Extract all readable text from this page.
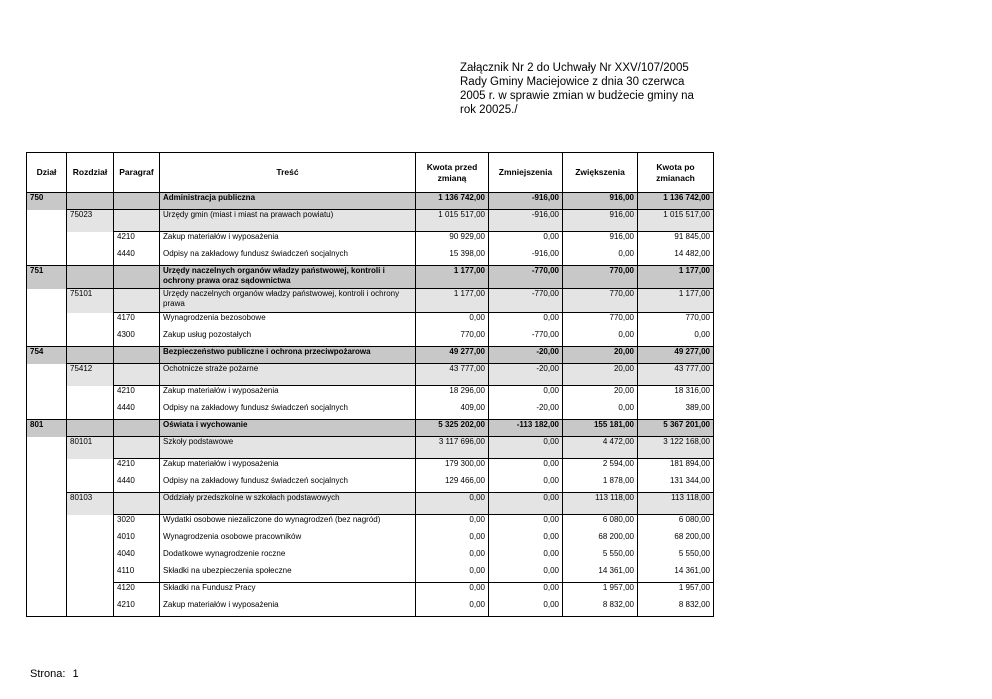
Załącznik Nr 2 do Uchwały Nr XXV/107/2005
Rady Gminy Maciejowice z dnia 30 czerwca
2005 r. w sprawie zmian w budżecie gminy na
rok 20025./
Dział	Rozdział	Paragraf	Treść	Kwota przed zmianą	Zmniejszenia	Zwiększenia	Kwota po zmianach
750			Administracja publiczna	1 136 742,00	-916,00	916,00	1 136 742,00
	75023		Urzędy gmin (miast i miast na prawach powiatu)	1 015 517,00	-916,00	916,00	1 015 517,00
		4210	Zakup materiałów i wyposażenia	90 929,00	0,00	916,00	91 845,00
		4440	Odpisy na zakładowy fundusz świadczeń socjalnych	15 398,00	-916,00	0,00	14 482,00
751			Urzędy naczelnych organów władzy państwowej, kontroli i ochrony prawa oraz sądownictwa	1 177,00	-770,00	770,00	1 177,00
	75101		Urzędy naczelnych organów władzy państwowej, kontroli i ochrony prawa	1 177,00	-770,00	770,00	1 177,00
		4170	Wynagrodzenia bezosobowe	0,00	0,00	770,00	770,00
		4300	Zakup usług pozostałych	770,00	-770,00	0,00	0,00
754			Bezpieczeństwo publiczne i ochrona przeciwpożarowa	49 277,00	-20,00	20,00	49 277,00
	75412		Ochotnicze straże pożarne	43 777,00	-20,00	20,00	43 777,00
		4210	Zakup materiałów i wyposażenia	18 296,00	0,00	20,00	18 316,00
		4440	Odpisy na zakładowy fundusz świadczeń socjalnych	409,00	-20,00	0,00	389,00
801			Oświata i wychowanie	5 325 202,00	-113 182,00	155 181,00	5 367 201,00
	80101		Szkoły podstawowe	3 117 696,00	0,00	4 472,00	3 122 168,00
		4210	Zakup materiałów i wyposażenia	179 300,00	0,00	2 594,00	181 894,00
		4440	Odpisy na zakładowy fundusz świadczeń socjalnych	129 466,00	0,00	1 878,00	131 344,00
	80103		Oddziały przedszkolne w szkołach podstawowych	0,00	0,00	113 118,00	113 118,00
		3020	Wydatki osobowe niezaliczone do wynagrodzeń (bez nagród)	0,00	0,00	6 080,00	6 080,00
		4010	Wynagrodzenia osobowe pracowników	0,00	0,00	68 200,00	68 200,00
		4040	Dodatkowe wynagrodzenie roczne	0,00	0,00	5 550,00	5 550,00
		4110	Składki na ubezpieczenia społeczne	0,00	0,00	14 361,00	14 361,00
		4120	Składki na Fundusz Pracy	0,00	0,00	1 957,00	1 957,00
		4210	Zakup materiałów i wyposażenia	0,00	0,00	8 832,00	8 832,00
Strona: 1
